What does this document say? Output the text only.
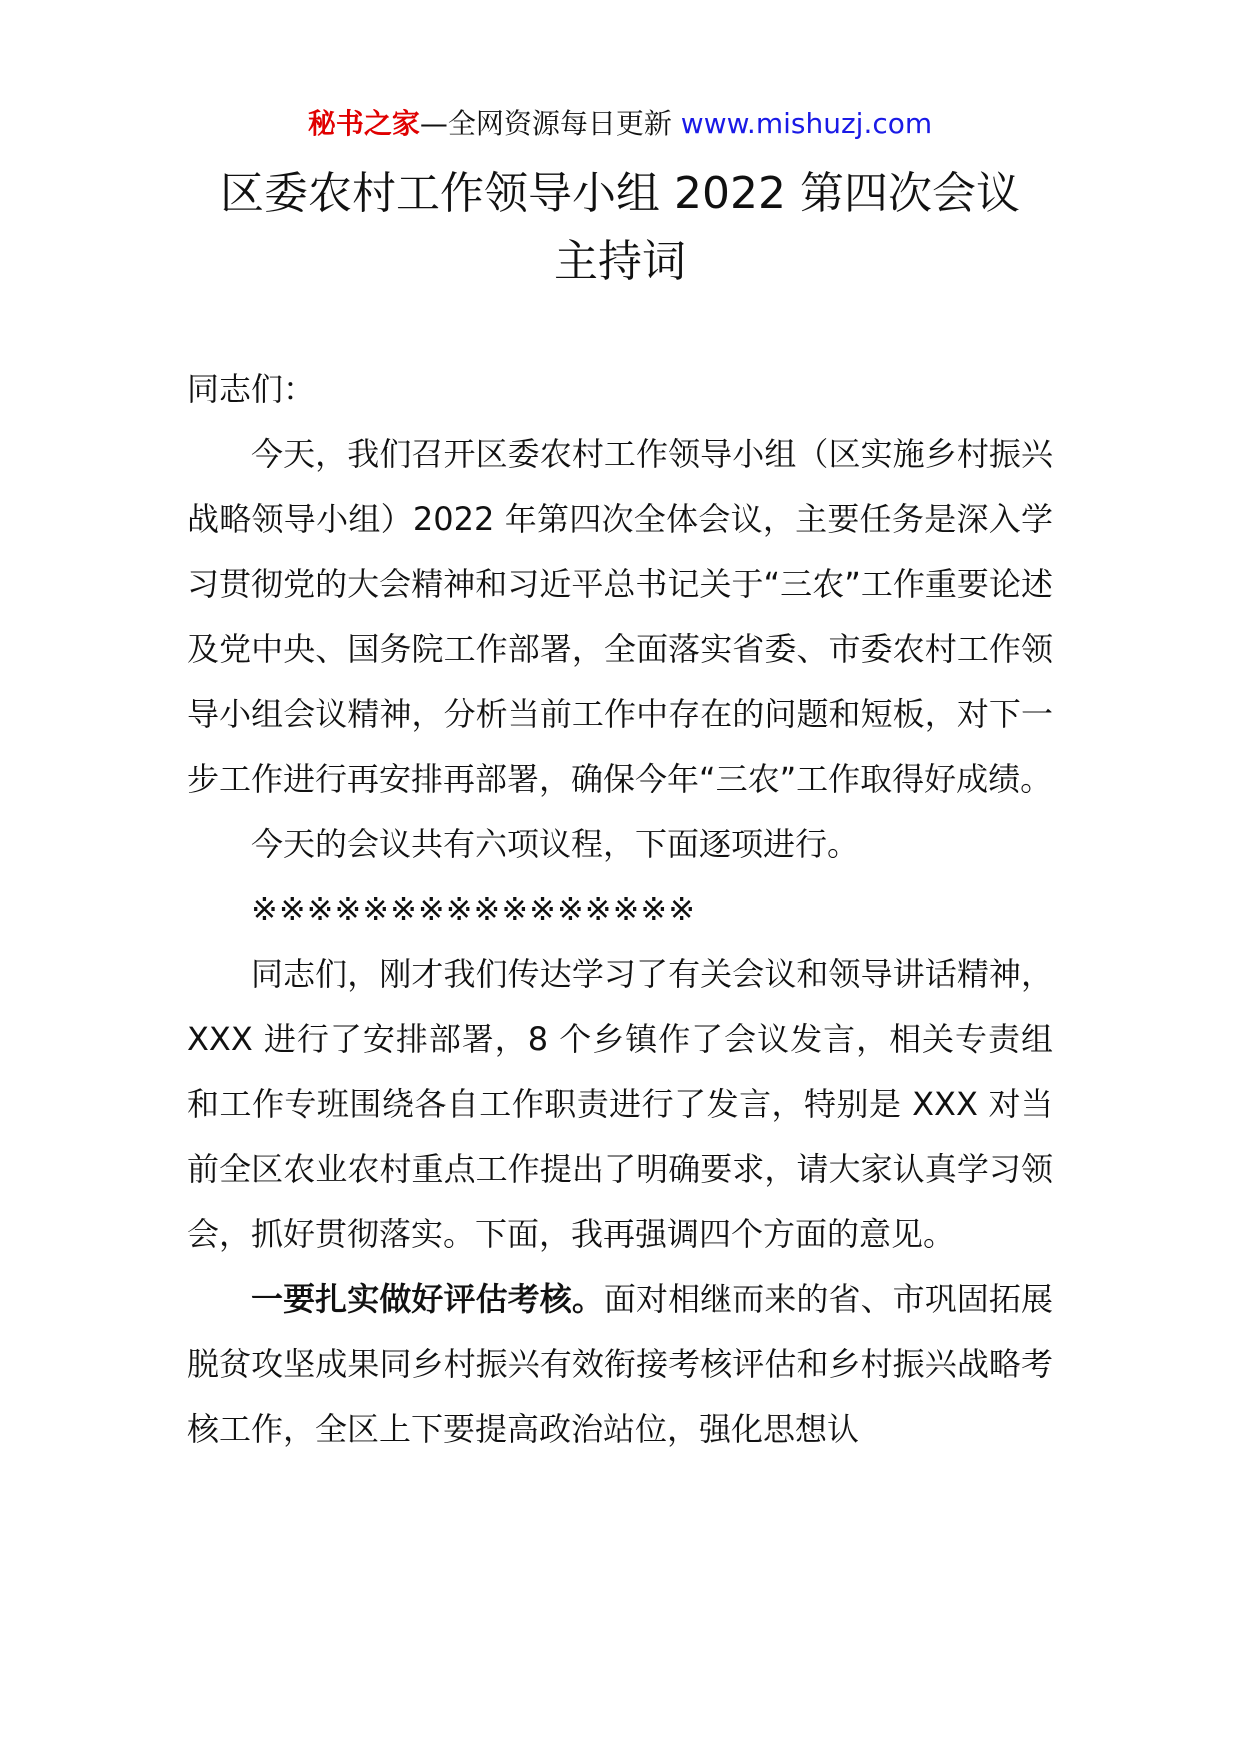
秘书之家—全网资源每日更新 www.mishuzj.com
区委农村工作领导小组 2022 第四次会议
主持词

同志们：

今天，我们召开区委农村工作领导小组（区实施乡村振兴战略领导小组）2022 年第四次全体会议，主要任务是深入学习贯彻党的大会精神和习近平总书记关于“三农”工作重要论述及党中央、国务院工作部署，全面落实省委、市委农村工作领导小组会议精神，分析当前工作中存在的问题和短板，对下一步工作进行再安排再部署，确保今年“三农”工作取得好成绩。

今天的会议共有六项议程，下面逐项进行。

※※※※※※※※※※※※※※※※

同志们，刚才我们传达学习了有关会议和领导讲话精神，XXX 进行了安排部署，8 个乡镇作了会议发言，相关专责组和工作专班围绕各自工作职责进行了发言，特别是 XXX 对当前全区农业农村重点工作提出了明确要求，请大家认真学习领会，抓好贯彻落实。下面，我再强调四个方面的意见。

一要扎实做好评估考核。面对相继而来的省、市巩固拓展脱贫攻坚成果同乡村振兴有效衔接考核评估和乡村振兴战略考核工作，全区上下要提高政治站位，强化思想认
